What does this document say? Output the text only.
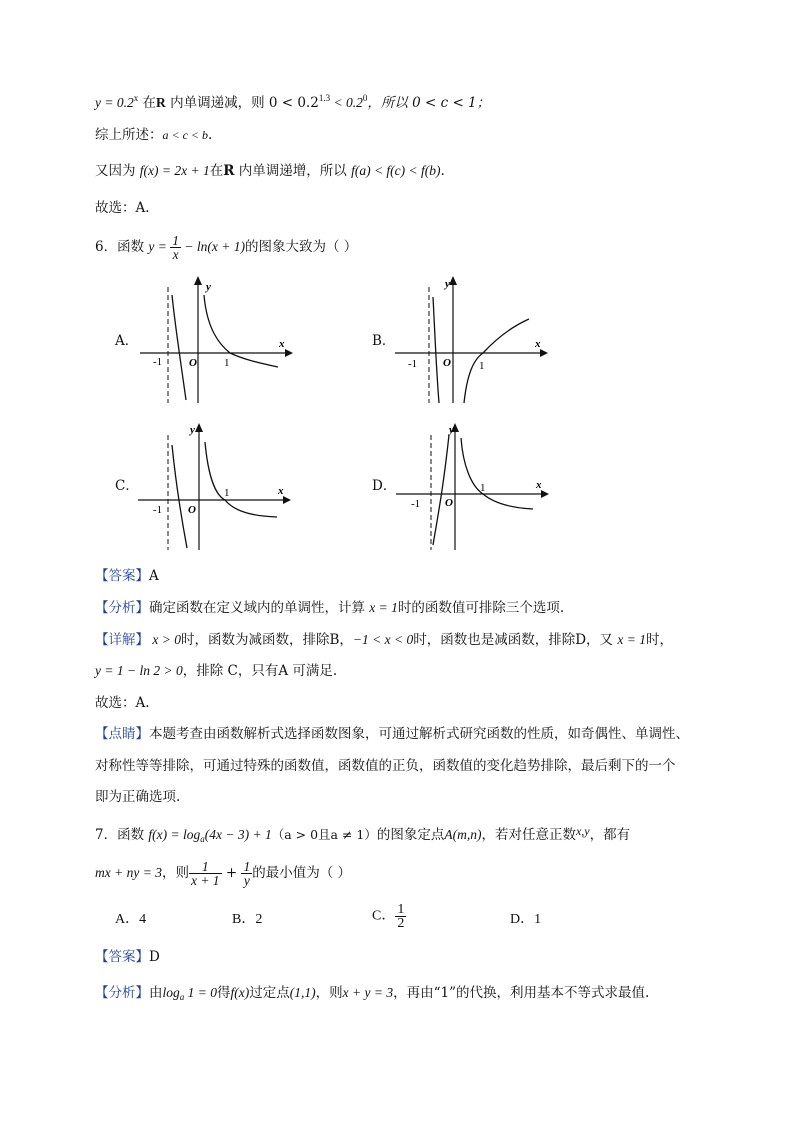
$y = 0.2^x$ 在R 内单调递减，则 $0 < 0.2^{1.3} < 0.2^0$，所以 0 < c < 1；
综上所述：a < c < b.
又因为 f(x) = 2x + 1在R 内单调递增，所以 f(a) < f(c) < f(b).
故选：A.
6．函数 $y = \frac{1}{x} - \ln(x + 1)$的图象大致为（ ）
A．
y
x
O
-1	1
B．
y
x
O
-1	1
C．
y
x
O
-1
1	D．
y
x
O
-1
1
【答案】A
【分析】确定函数在定义域内的单调性，计算 x = 1时的函数值可排除三个选项.
【详解】 x > 0时，函数为减函数，排除B，−1 < x < 0时，函数也是减函数，排除D，又 x = 1时，
y = 1 − ln 2 > 0，排除 C，只有A 可满足.
故选：A.
【点睛】本题考查由函数解析式选择函数图象，可通过解析式研究函数的性质，如奇偶性、单调性、
对称性等等排除，可通过特殊的函数值，函数值的正负，函数值的变化趋势排除，最后剩下的一个
即为正确选项.
7．函数 $f(x) = \log_a(4x - 3) + 1(a > 0$且a ≠ 1）的图象定点A(m,n)，若对任意正数x,y，都有
mx + ny = 3，则 $\frac{1}{x + 1} + \frac{1}{y}$ 的最小值为（ ）
A．4	B．2	C． $\frac{1}{2}$	D．1
【答案】D
【分析】由$\log_a 1 = 0$得f(x)过定点(1,1)，则x + y = 3，再由“1”的代换，利用基本不等式求最值.
